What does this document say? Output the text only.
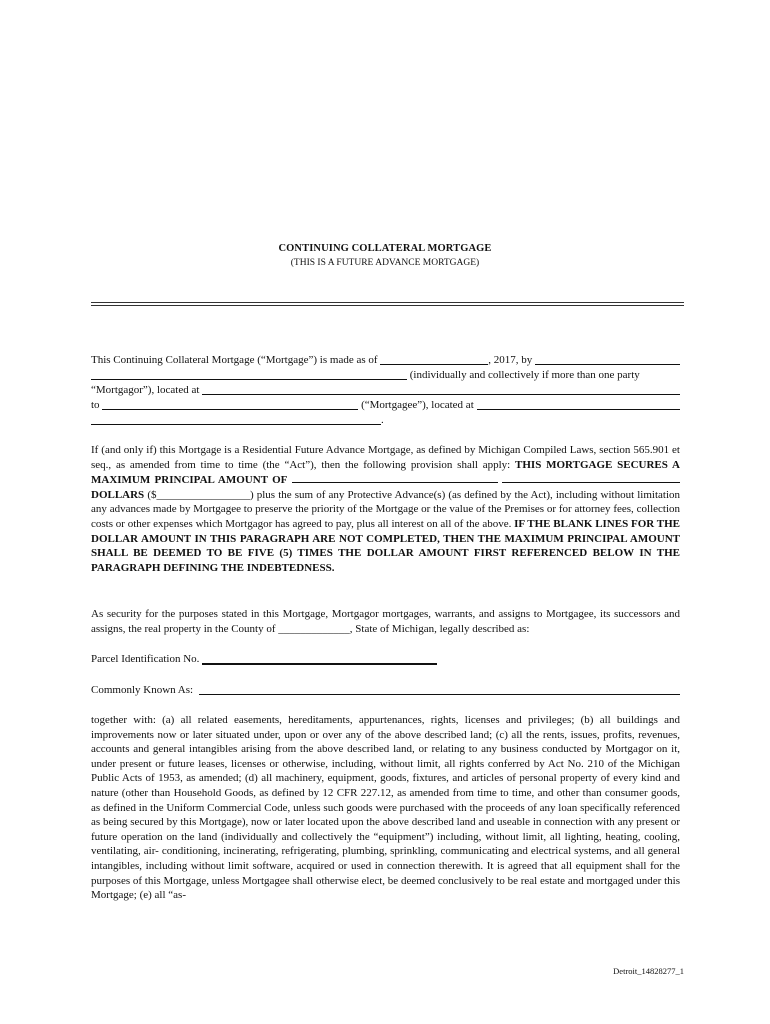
CONTINUING COLLATERAL MORTGAGE
(THIS IS A FUTURE ADVANCE MORTGAGE)
This Continuing Collateral Mortgage (“Mortgage”) is made as of
	, 2017, by

(individually and collectively if more than one party
“Mortgagor”), located at

to

	(“Mortgagee”), located at

.
If (and only if) this Mortgage is a Residential Future Advance Mortgage, as defined by Michigan Compiled Laws, section 565.901 et seq., as amended from time to time (the “Act”), then the following provision shall apply: THIS MORTGAGE SECURES A MAXIMUM PRINCIPAL AMOUNT OF   DOLLARS ($_________________) plus the sum of any Protective Advance(s) (as defined by the Act), including without limitation any advances made by Mortgagee to preserve the priority of the Mortgage or the value of the Premises or for attorney fees, collection costs or other expenses which Mortgagor has agreed to pay, plus all interest on all of the above. IF THE BLANK LINES FOR THE DOLLAR AMOUNT IN THIS PARAGRAPH ARE NOT COMPLETED, THEN THE MAXIMUM PRINCIPAL AMOUNT SHALL BE DEEMED TO BE FIVE (5) TIMES THE DOLLAR AMOUNT FIRST REFERENCED BELOW IN THE PARAGRAPH DEFINING THE INDEBTEDNESS.
As security for the purposes stated in this Mortgage, Mortgagor mortgages, warrants, and assigns to Mortgagee, its successors and assigns, the real property in the County of _____________, State of Michigan, legally described as:
Parcel Identification No.

Commonly Known As:

together with: (a) all related easements, hereditaments, appurtenances, rights, licenses and privileges; (b) all buildings and improvements now or later situated under, upon or over any of the above described land; (c) all the rents, issues, profits, revenues, accounts and general intangibles arising from the above described land, or relating to any business conducted by Mortgagor on it, under present or future leases, licenses or otherwise, including, without limit, all rights conferred by Act No. 210 of the Michigan Public Acts of 1953, as amended; (d) all machinery, equipment, goods, fixtures, and articles of personal property of every kind and nature (other than Household Goods, as defined by 12 CFR 227.12, as amended from time to time, and other than consumer goods, as defined in the Uniform Commercial Code, unless such goods were purchased with the proceeds of any loan specifically referenced as being secured by this Mortgage), now or later located upon the above described land and useable in connection with any present or future operation on the land (individually and collectively the “equipment”) including, without limit, all lighting, heating, cooling, ventilating, air- conditioning, incinerating, refrigerating, plumbing, sprinkling, communicating and electrical systems, and all general intangibles, including without limit software, acquired or used in connection therewith. It is agreed that all equipment shall for the purposes of this Mortgage, unless Mortgagee shall otherwise elect, be deemed conclusively to be real estate and mortgaged under this Mortgage; (e) all “as-
Detroit_14828277_1
